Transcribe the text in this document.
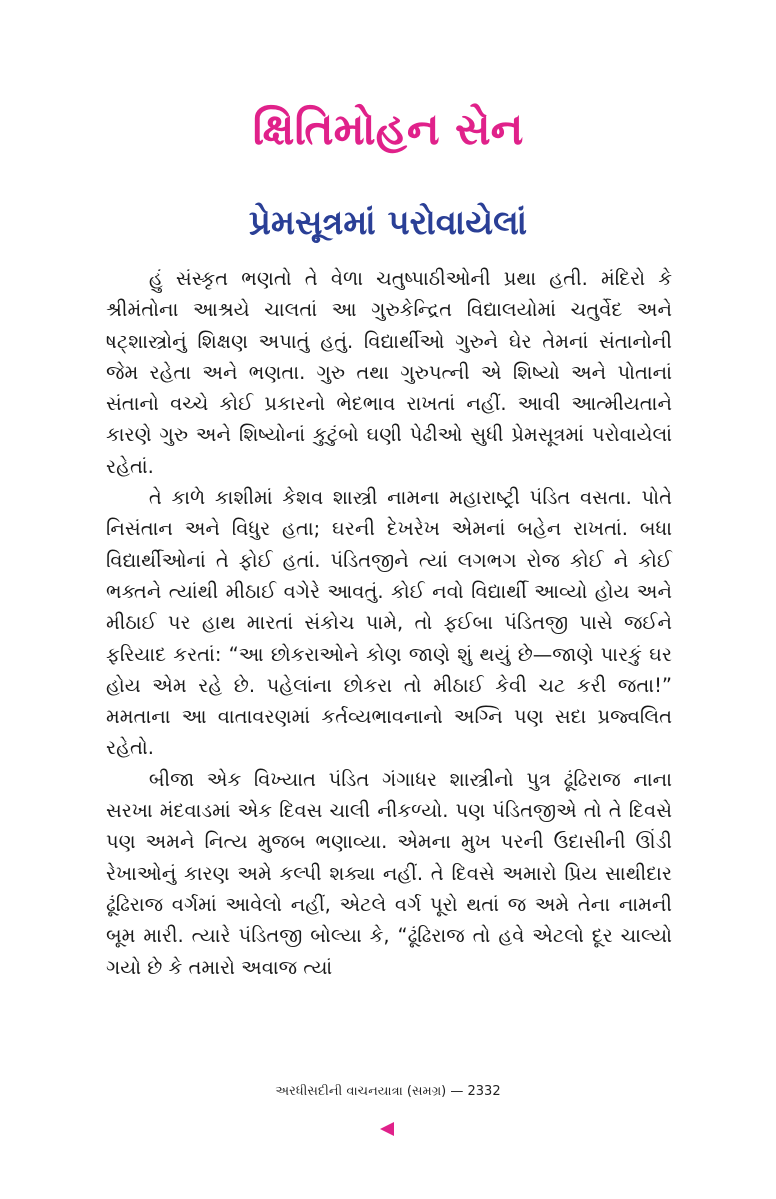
ક્ષિતિમોહન સેન
પ્રેમસૂત્રમાં પરોવાયેલાં

હું સંસ્કૃત ભણતો તે વેળા ચતુષ્પાઠીઓની પ્રથા હતી. મંદિરો કે શ્રીમંતોના આશ્રયે ચાલતાં આ ગુરુકેન્દ્રિત વિદ્યાલયોમાં ચતુર્વેદ અને ષટ્શાસ્ત્રોનું શિક્ષણ અપાતું હતું. વિદ્યાર્થીઓ ગુરુને ઘેર તેમનાં સંતાનોની જેમ રહેતા અને ભણતા. ગુરુ તથા ગુરુપત્ની એ શિષ્યો અને પોતાનાં સંતાનો વચ્ચે કોઈ પ્રકારનો ભેદભાવ રાખતાં નહીં. આવી આત્મીયતાને કારણે ગુરુ અને શિષ્યોનાં કુટુંબો ઘણી પેઢીઓ સુધી પ્રેમસૂત્રમાં પરોવાયેલાં રહેતાં.

તે કાળે કાશીમાં કેશવ શાસ્ત્રી નામના મહારાષ્ટ્રી પંડિત વસતા. પોતે નિસંતાન અને વિધુર હતા; ઘરની દેખરેખ એમનાં બહેન રાખતાં. બધા વિદ્યાર્થીઓનાં તે ફોઈ હતાં. પંડિતજીને ત્યાં લગભગ રોજ કોઈ ને કોઈ ભક્તને ત્યાંથી મીઠાઈ વગેરે આવતું. કોઈ નવો વિદ્યાર્થી આવ્યો હોય અને મીઠાઈ પર હાથ મારતાં સંકોચ પામે, તો ફઈબા પંડિતજી પાસે જઈને ફરિયાદ કરતાં: “આ છોકરાઓને કોણ જાણે શું થયું છે—જાણે પારકું ઘર હોય એમ રહે છે. પહેલાંના છોકરા તો મીઠાઈ કેવી ચટ કરી જતા!” મમતાના આ વાતાવરણમાં કર્તવ્યભાવનાનો અગ્નિ પણ સદા પ્રજ્વલિત રહેતો.

બીજા એક વિખ્યાત પંડિત ગંગાધર શાસ્ત્રીનો પુત્ર ઢૂંઢિરાજ નાના સરખા મંદવાડમાં એક દિવસ ચાલી નીકળ્યો. પણ પંડિતજીએ તો તે દિવસે પણ અમને નિત્ય મુજબ ભણાવ્યા. એમના મુખ પરની ઉદાસીની ઊંડી રેખાઓનું કારણ અમે કલ્પી શક્યા નહીં. તે દિવસે અમારો પ્રિય સાથીદાર ઢૂંઢિરાજ વર્ગમાં આવેલો નહીં, એટલે વર્ગ પૂરો થતાં જ અમે તેના નામની બૂમ મારી. ત્યારે પંડિતજી બોલ્યા કે, “ઢૂંઢિરાજ તો હવે એટલો દૂર ચાલ્યો ગયો છે કે તમારો અવાજ ત્યાં

અરધીસદીની વાચનયાત્રા (સમગ્ર) — 2332
